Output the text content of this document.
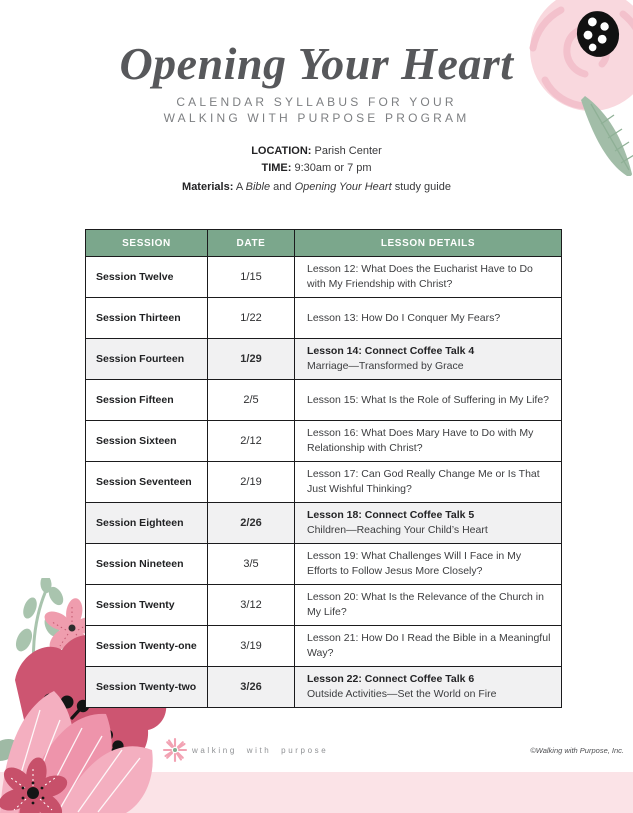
Opening Your Heart
CALENDAR SYLLABUS FOR YOUR
WALKING WITH PURPOSE PROGRAM
LOCATION: Parish Center
TIME: 9:30am or 7 pm
Materials: A Bible and Opening Your Heart study guide
SESSION	DATE	LESSON DETAILS
Session Twelve	1/15	Lesson 12: What Does the Eucharist Have to Do with My Friendship with Christ?

Session Thirteen	1/22	Lesson 13: How Do I Conquer My Fears?

Session Fourteen	1/29	Lesson 14: Connect Coffee Talk 4
Marriage—Transformed by Grace

Session Fifteen	2/5	Lesson 15: What Is the Role of Suffering in My Life?

Session Sixteen	2/12	Lesson 16: What Does Mary Have to Do with My Relationship with Christ?

Session Seventeen	2/19	Lesson 17: Can God Really Change Me or Is That Just Wishful Thinking?

Session Eighteen	2/26	Lesson 18: Connect Coffee Talk 5
Children—Reaching Your Child’s Heart

Session Nineteen	3/5	Lesson 19: What Challenges Will I Face in My Efforts to Follow Jesus More Closely?

Session Twenty	3/12	Lesson 20: What Is the Relevance of the Church in My Life?

Session Twenty-one	3/19	Lesson 21: How Do I Read the Bible in a Meaningful Way?

Session Twenty-two	3/26	Lesson 22: Connect Coffee Talk 6
Outside Activities—Set the World on Fire
walking with purpose	©Walking with Purpose, Inc.
